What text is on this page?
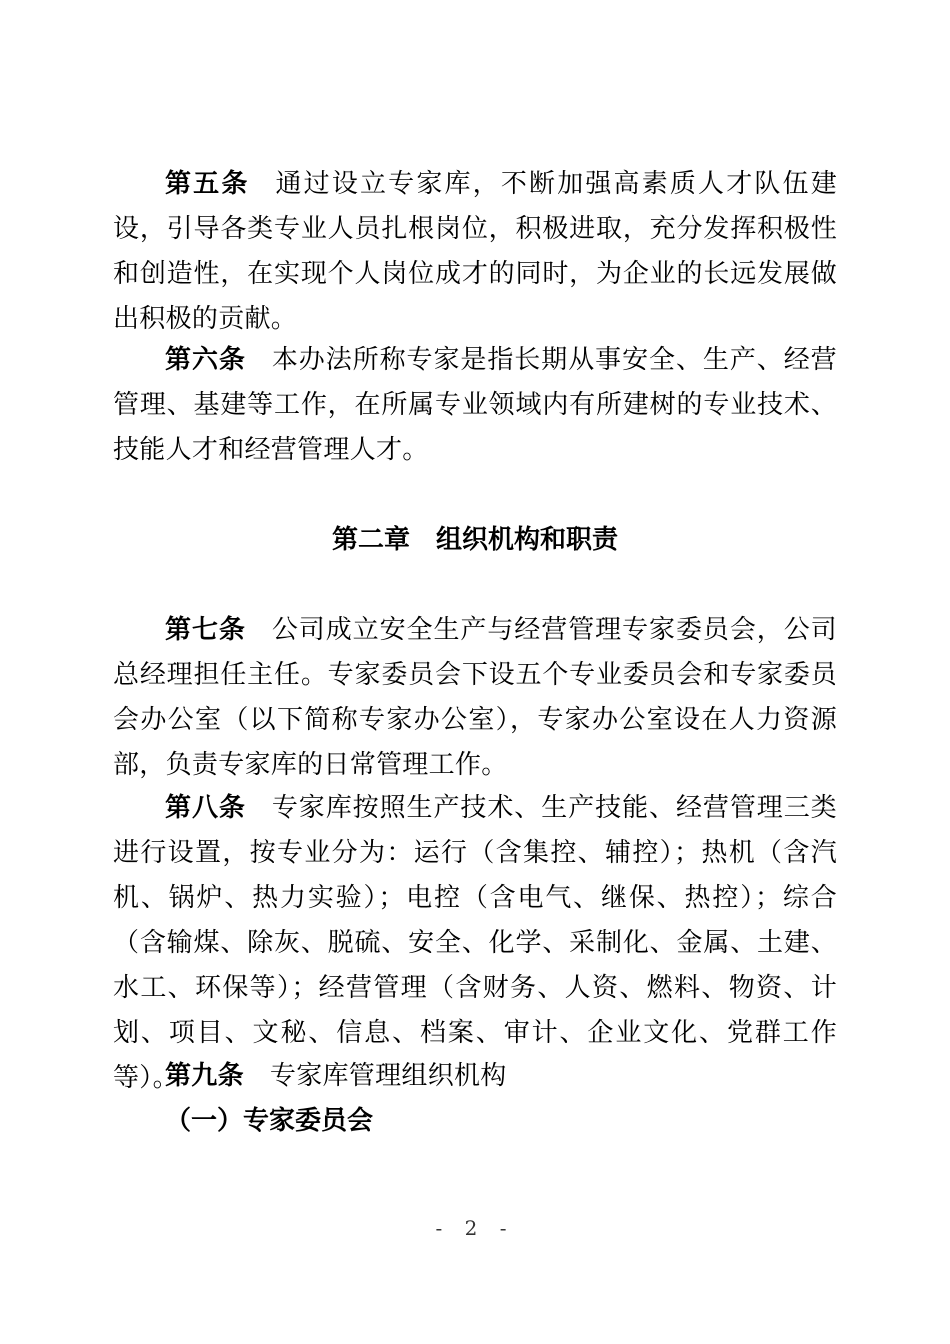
第五条 通过设立专家库，不断加强高素质人才队伍建设，引导各类专业人员扎根岗位，积极进取，充分发挥积极性和创造性，在实现个人岗位成才的同时，为企业的长远发展做出积极的贡献。

第六条 本办法所称专家是指长期从事安全、生产、经营管理、基建等工作，在所属专业领域内有所建树的专业技术、技能人才和经营管理人才。

第二章 组织机构和职责

第七条 公司成立安全生产与经营管理专家委员会，公司总经理担任主任。专家委员会下设五个专业委员会和专家委员会办公室（以下简称专家办公室），专家办公室设在人力资源部，负责专家库的日常管理工作。

第八条 专家库按照生产技术、生产技能、经营管理三类进行设置，按专业分为：运行（含集控、辅控）；热机（含汽机、锅炉、热力实验）；电控（含电气、继保、热控）；综合（含输煤、除灰、脱硫、安全、化学、采制化、金属、土建、水工、环保等）；经营管理（含财务、人资、燃料、物资、计划、项目、文秘、信息、档案、审计、企业文化、党群工作等）。

第九条 专家库管理组织机构

（一）专家委员会

- 2 -
